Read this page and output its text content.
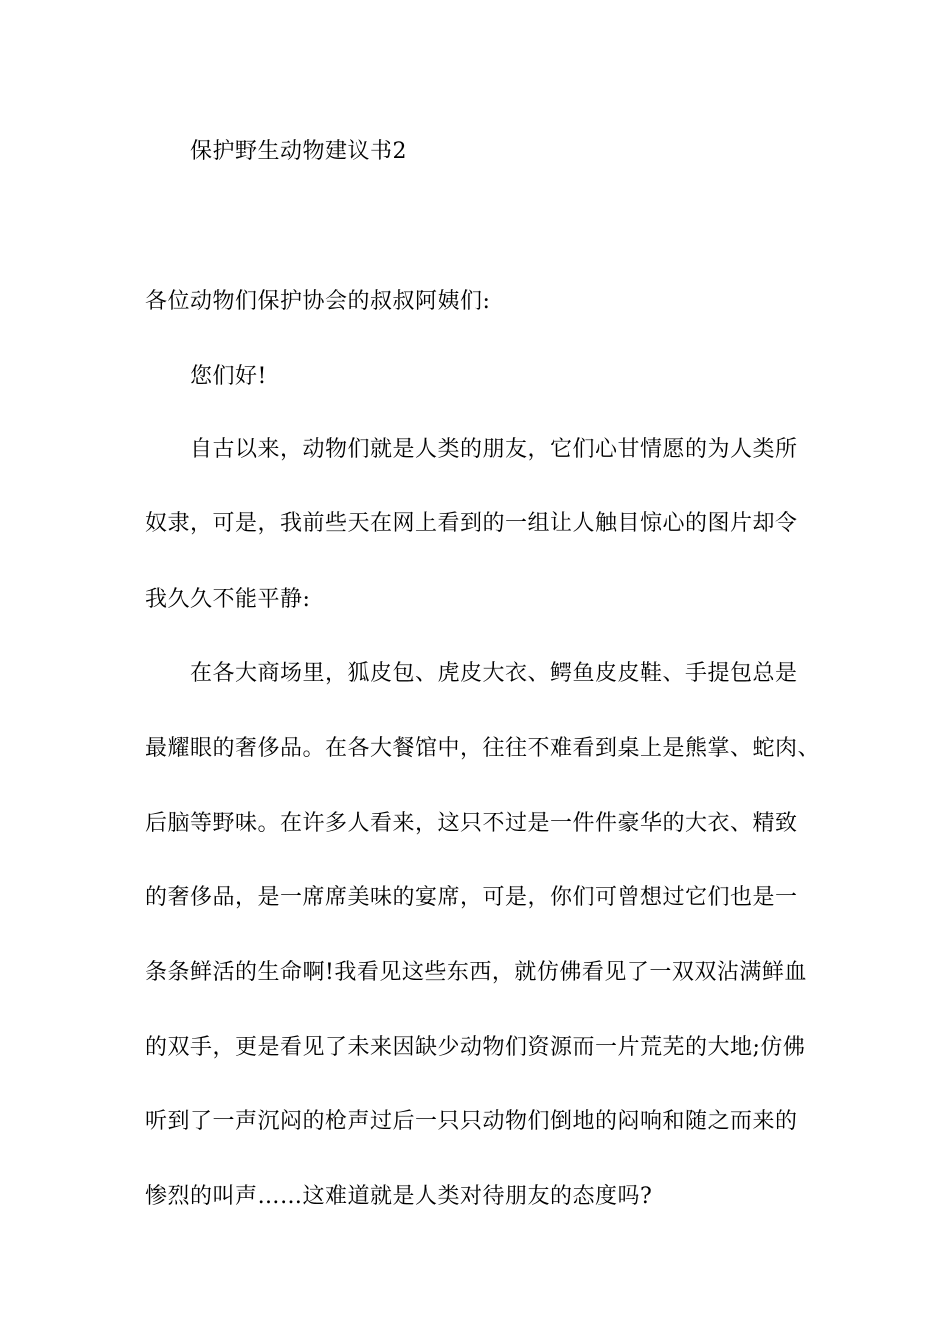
保护野生动物建议书2
各位动物们保护协会的叔叔阿姨们:
您们好!
自古以来，动物们就是人类的朋友，它们心甘情愿的为人类所
奴隶，可是，我前些天在网上看到的一组让人触目惊心的图片却令
我久久不能平静:
在各大商场里，狐皮包、虎皮大衣、鳄鱼皮皮鞋、手提包总是
最耀眼的奢侈品。在各大餐馆中，往往不难看到桌上是熊掌、蛇肉、
后脑等野味。在许多人看来，这只不过是一件件豪华的大衣、精致
的奢侈品，是一席席美味的宴席，可是，你们可曾想过它们也是一
条条鲜活的生命啊!我看见这些东西，就仿佛看见了一双双沾满鲜血
的双手，更是看见了未来因缺少动物们资源而一片荒芜的大地;仿佛
听到了一声沉闷的枪声过后一只只动物们倒地的闷响和随之而来的
惨烈的叫声……这难道就是人类对待朋友的态度吗?
